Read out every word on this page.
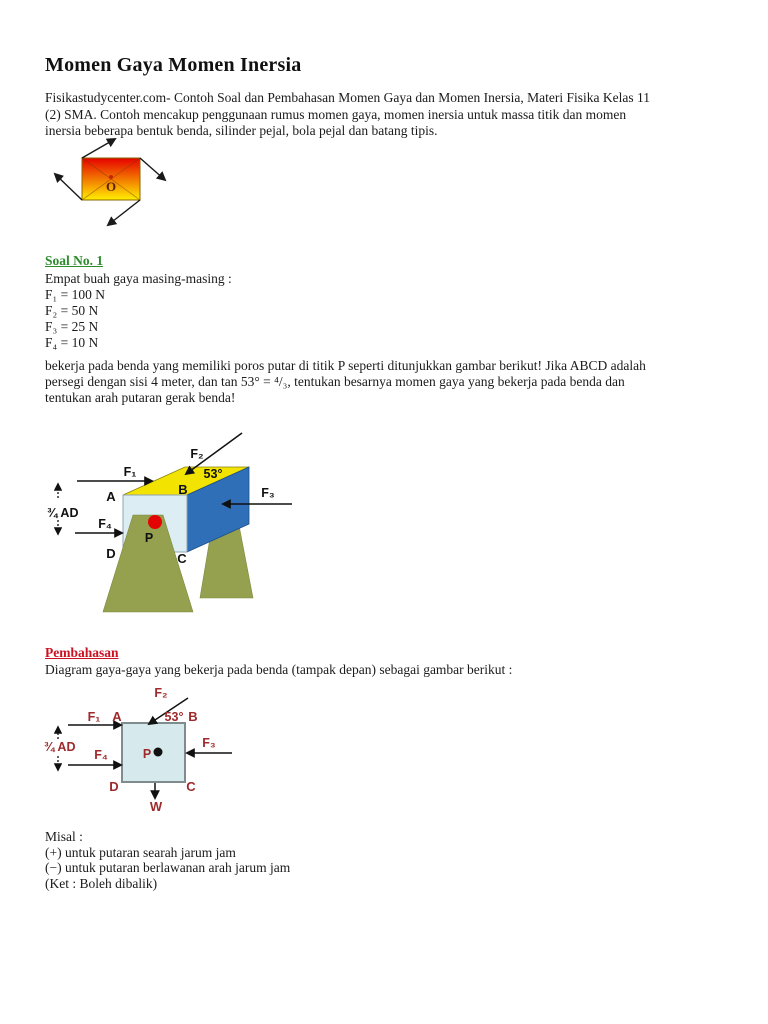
Momen Gaya Momen Inersia
Fisikastudycenter.com- Contoh Soal dan Pembahasan Momen Gaya dan Momen Inersia, Materi Fisika Kelas 11
(2) SMA. Contoh mencakup penggunaan rumus momen gaya, momen inersia untuk massa titik dan momen
inersia beberapa bentuk benda, silinder pejal, bola pejal dan batang tipis.
O
Soal No. 1
Empat buah gaya masing-masing :
F₁ = 100 N
F₂ = 50 N
F₃ = 25 N
F₄ = 10 N
bekerja pada benda yang memiliki poros putar di titik P seperti ditunjukkan gambar berikut! Jika ABCD adalah
persegi dengan sisi 4 meter, dan tan 53° = ⁴/₃, tentukan besarnya momen gaya yang bekerja pada benda dan
tentukan arah putaran gerak benda!
F₁
F₂
53°
F₃
F₄
A	B
C
D
P
¾ AD
Pembahasan
Diagram gaya-gaya yang bekerja pada benda (tampak depan) sebagai gambar berikut :
F₁ A
F₂
53° B
F₃
F₄
D	C
W
P
¾ AD
Misal :
(+) untuk putaran searah jarum jam
(−) untuk putaran berlawanan arah jarum jam
(Ket : Boleh dibalik)
